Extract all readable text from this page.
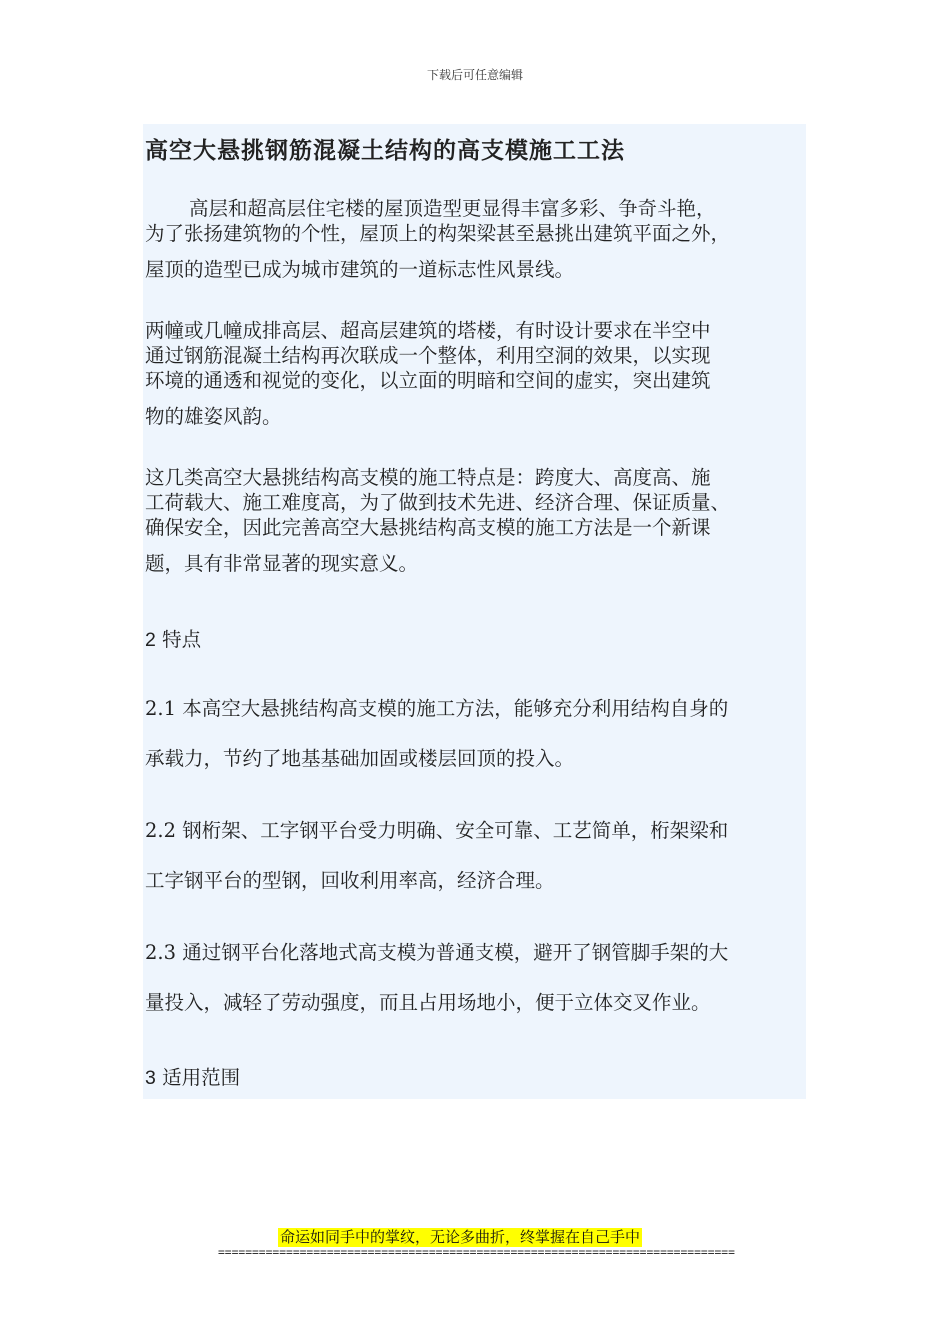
下载后可任意编辑
高空大悬挑钢筋混凝土结构的高支模施工工法

高层和超高层住宅楼的屋顶造型更显得丰富多彩、争奇斗艳，
为了张扬建筑物的个性，屋顶上的构架梁甚至悬挑出建筑平面之外，
屋顶的造型已成为城市建筑的一道标志性风景线。

两幢或几幢成排高层、超高层建筑的塔楼，有时设计要求在半空中
通过钢筋混凝土结构再次联成一个整体，利用空洞的效果，以实现
环境的通透和视觉的变化，以立面的明暗和空间的虚实，突出建筑
物的雄姿风韵。

这几类高空大悬挑结构高支模的施工特点是：跨度大、高度高、施
工荷载大、施工难度高，为了做到技术先进、经济合理、保证质量、
确保安全，因此完善高空大悬挑结构高支模的施工方法是一个新课
题，具有非常显著的现实意义。

2 特点

2.1 本高空大悬挑结构高支模的施工方法，能够充分利用结构自身的
承载力，节约了地基基础加固或楼层回顶的投入。

2.2 钢桁架、工字钢平台受力明确、安全可靠、工艺简单，桁架梁和
工字钢平台的型钢，回收利用率高，经济合理。

2.3 通过钢平台化落地式高支模为普通支模，避开了钢管脚手架的大
量投入，减轻了劳动强度，而且占用场地小，便于立体交叉作业。

3 适用范围

命运如同手中的掌纹，无论多曲折，终掌握在自己手中
============================================================================
